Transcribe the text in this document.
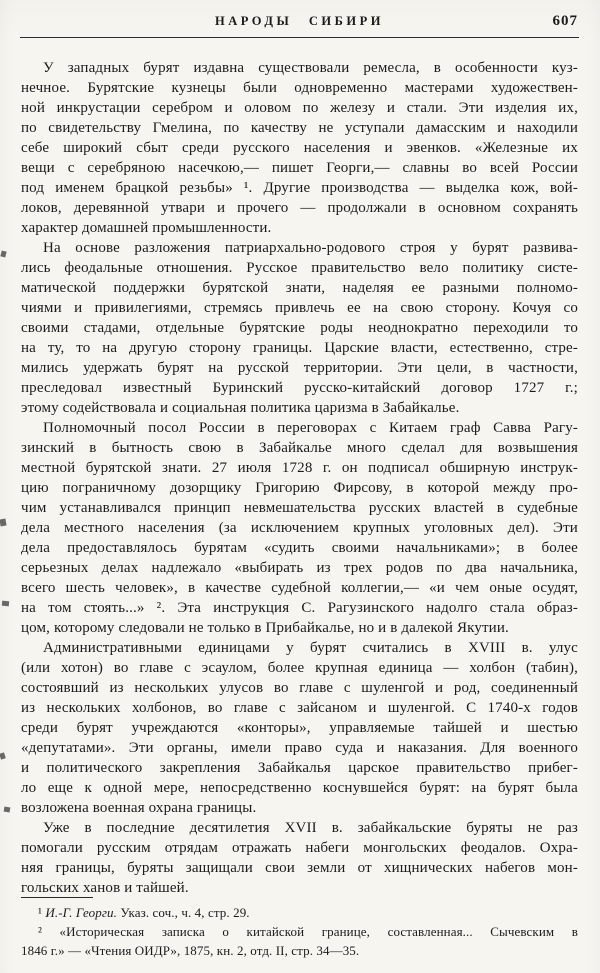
НАРОДЫ СИБИРИ	607
У западных бурят издавна существовали ремесла, в особенности куз-
нечное. Бурятские кузнецы были одновременно мастерами художествен-
ной инкрустации серебром и оловом по железу и стали. Эти изделия их,
по свидетельству Гмелина, по качеству не уступали дамасским и находили
себе широкий сбыт среди русского населения и эвенков. «Железные их
вещи с серебряною насечкою,— пишет Георги,— славны во всей России
под именем брацкой резьбы» ¹. Другие производства — выделка кож, вой-
локов, деревянной утвари и прочего — продолжали в основном сохранять
характер домашней промышленности.
На основе разложения патриархально-родового строя у бурят развива-
лись феодальные отношения. Русское правительство вело политику систе-
матической поддержки бурятской знати, наделяя ее разными полномо-
чиями и привилегиями, стремясь привлечь ее на свою сторону. Кочуя со
своими стадами, отдельные бурятские роды неоднократно переходили то
на ту, то на другую сторону границы. Царские власти, естественно, стре-
мились удержать бурят на русской территории. Эти цели, в частности,
преследовал известный Буринский русско-китайский договор 1727 г.;
этому содействовала и социальная политика царизма в Забайкалье.
Полномочный посол России в переговорах с Китаем граф Савва Рагу-
зинский в бытность свою в Забайкалье много сделал для возвышения
местной бурятской знати. 27 июля 1728 г. он подписал обширную инструк-
цию пограничному дозорщику Григорию Фирсову, в которой между про-
чим устанавливался принцип невмешательства русских властей в судебные
дела местного населения (за исключением крупных уголовных дел). Эти
дела предоставлялось бурятам «судить своими начальниками»; в более
серьезных делах надлежало «выбирать из трех родов по два начальника,
всего шесть человек», в качестве судебной коллегии,— «и чем оные осудят,
на том стоять...» ². Эта инструкция С. Рагузинского надолго стала образ-
цом, которому следовали не только в Прибайкалье, но и в далекой Якутии.
Административными единицами у бурят считались в XVIII в. улус
(или хотон) во главе с эсаулом, более крупная единица — холбон (табин),
состоявший из нескольких улусов во главе с шуленгой и род, соединенный
из нескольких холбонов, во главе с зайсаном и шуленгой. С 1740-х годов
среди бурят учреждаются «конторы», управляемые тайшей и шестью
«депутатами». Эти органы, имели право суда и наказания. Для военного
и политического закрепления Забайкалья царское правительство прибег-
ло еще к одной мере, непосредственно коснувшейся бурят: на бурят была
возложена военная охрана границы.
Уже в последние десятилетия XVII в. забайкальские буряты не раз
помогали русским отрядам отражать набеги монгольских феодалов. Охра-
няя границы, буряты защищали свои земли от хищнических набегов мон-
гольских ханов и тайшей.
¹ И.-Г. Георги. Указ. соч., ч. 4, стр. 29.
² «Историческая записка о китайской границе, составленная... Сычевским в
1846 г.» — «Чтения ОИДР», 1875, кн. 2, отд. II, стр. 34—35.
